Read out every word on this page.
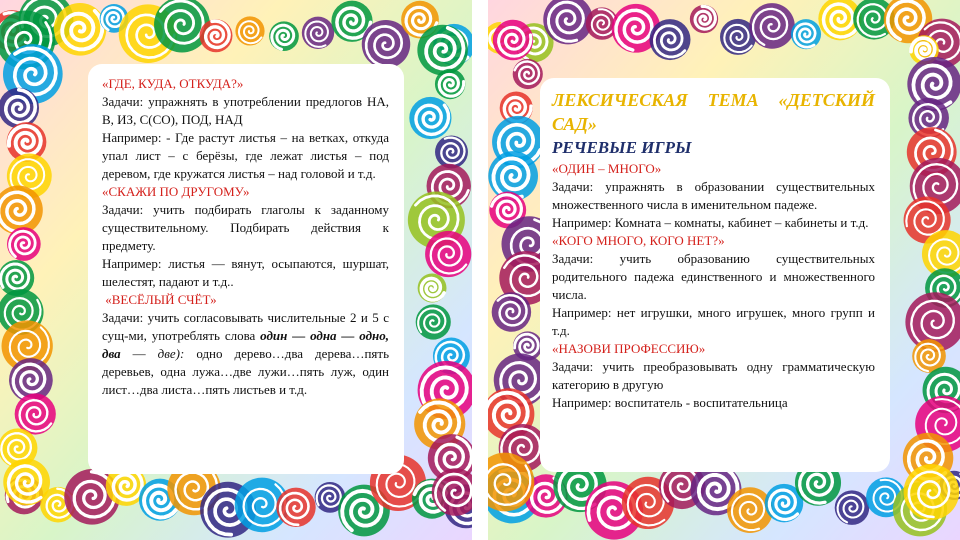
«ГДЕ, КУДА, ОТКУДА?»

Задачи: упражнять в употреблении предлогов НА, В, ИЗ, С(СО), ПОД, НАД

Например: - Где растут листья – на ветках, откуда упал лист – с берёзы, где лежат листья – под деревом, где кружатся листья – над головой и т.д.

«СКАЖИ ПО ДРУГОМУ»

Задачи: учить подбирать глаголы к заданному существительному. Подбирать действия к предмету.

Например: листья — вянут, осыпаются, шуршат, шелестят, падают и т.д..

«ВЕСЁЛЫЙ СЧЁТ»

Задачи: учить согласовывать числительные 2 и 5 с сущ-ми, употреблять слова один — одна — одно, два — две): одно дерево…два дерева…пять деревьев, одна лужа…две лужи…пять луж, один лист…два листа…пять листьев и т.д.

ЛЕКСИЧЕСКАЯ ТЕМА «ДЕТСКИЙ САД»

РЕЧЕВЫЕ ИГРЫ

«ОДИН – МНОГО»

Задачи: упражнять в образовании существительных множественного числа в именительном падеже.

Например: Комната – комнаты, кабинет – кабинеты и т.д.

«КОГО МНОГО, КОГО НЕТ?»

Задачи: учить образованию существительных родительного падежа единственного и множественного числа.

Например: нет игрушки, много игрушек, много групп и т.д.

«НАЗОВИ ПРОФЕССИЮ»

Задачи: учить преобразовывать одну грамматическую категорию в другую

Например: воспитатель - воспитательница
